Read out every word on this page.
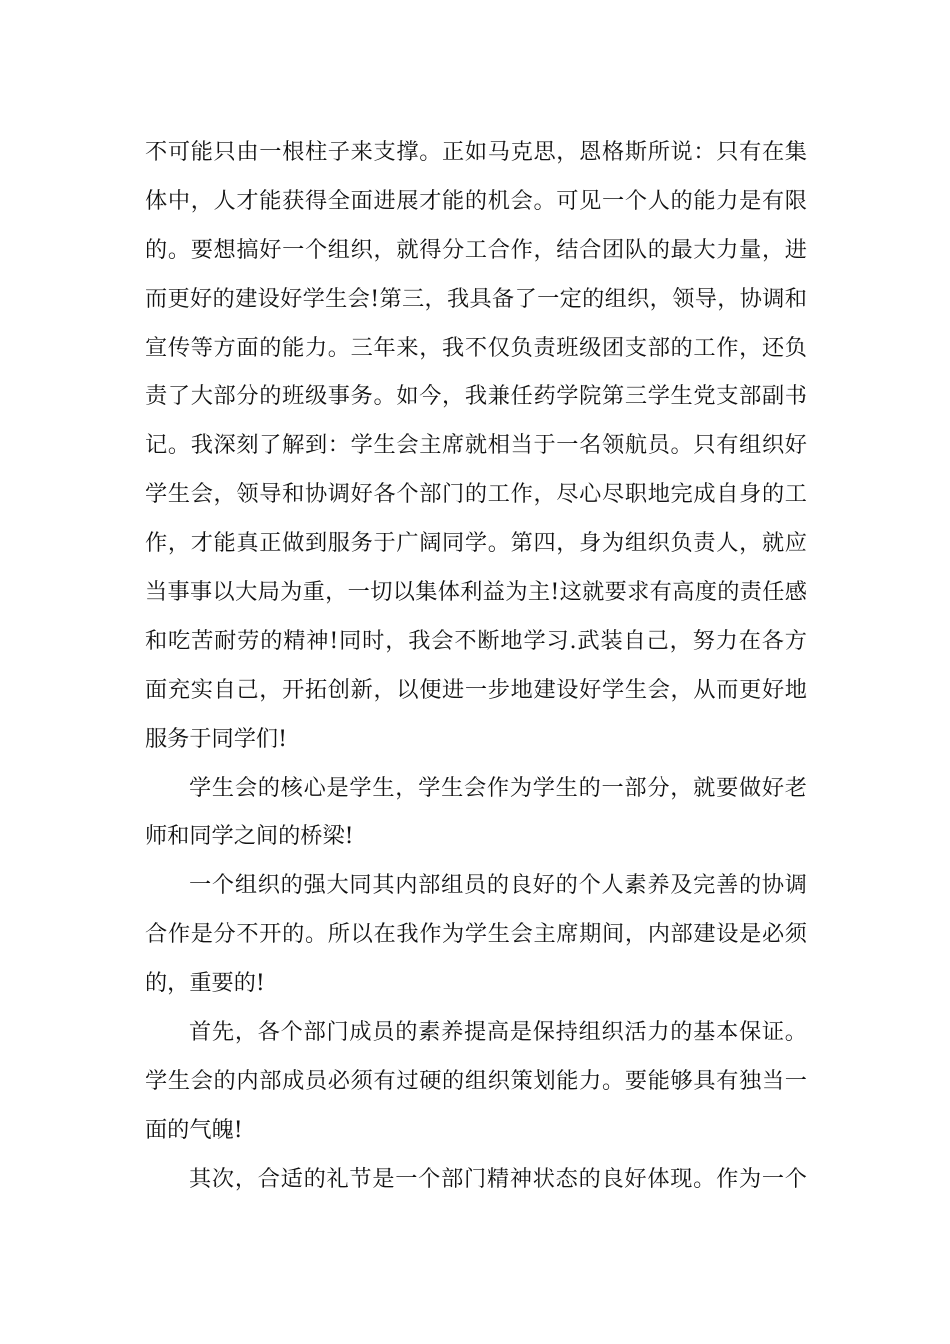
不可能只由一根柱子来支撑。正如马克思，恩格斯所说：只有在集
体中，人才能获得全面进展才能的机会。可见一个人的能力是有限
的。要想搞好一个组织，就得分工合作，结合团队的最大力量，进
而更好的建设好学生会!第三，我具备了一定的组织，领导，协调和
宣传等方面的能力。三年来，我不仅负责班级团支部的工作，还负
责了大部分的班级事务。如今，我兼任药学院第三学生党支部副书
记。我深刻了解到：学生会主席就相当于一名领航员。只有组织好
学生会，领导和协调好各个部门的工作，尽心尽职地完成自身的工
作，才能真正做到服务于广阔同学。第四，身为组织负责人，就应
当事事以大局为重，一切以集体利益为主!这就要求有高度的责任感
和吃苦耐劳的精神!同时，我会不断地学习.武装自己，努力在各方
面充实自己，开拓创新，以便进一步地建设好学生会，从而更好地
服务于同学们!
学生会的核心是学生，学生会作为学生的一部分，就要做好老
师和同学之间的桥梁!
一个组织的强大同其内部组员的良好的个人素养及完善的协调
合作是分不开的。所以在我作为学生会主席期间，内部建设是必须
的，重要的!
首先，各个部门成员的素养提高是保持组织活力的基本保证。
学生会的内部成员必须有过硬的组织策划能力。要能够具有独当一
面的气魄!
其次，合适的礼节是一个部门精神状态的良好体现。作为一个
